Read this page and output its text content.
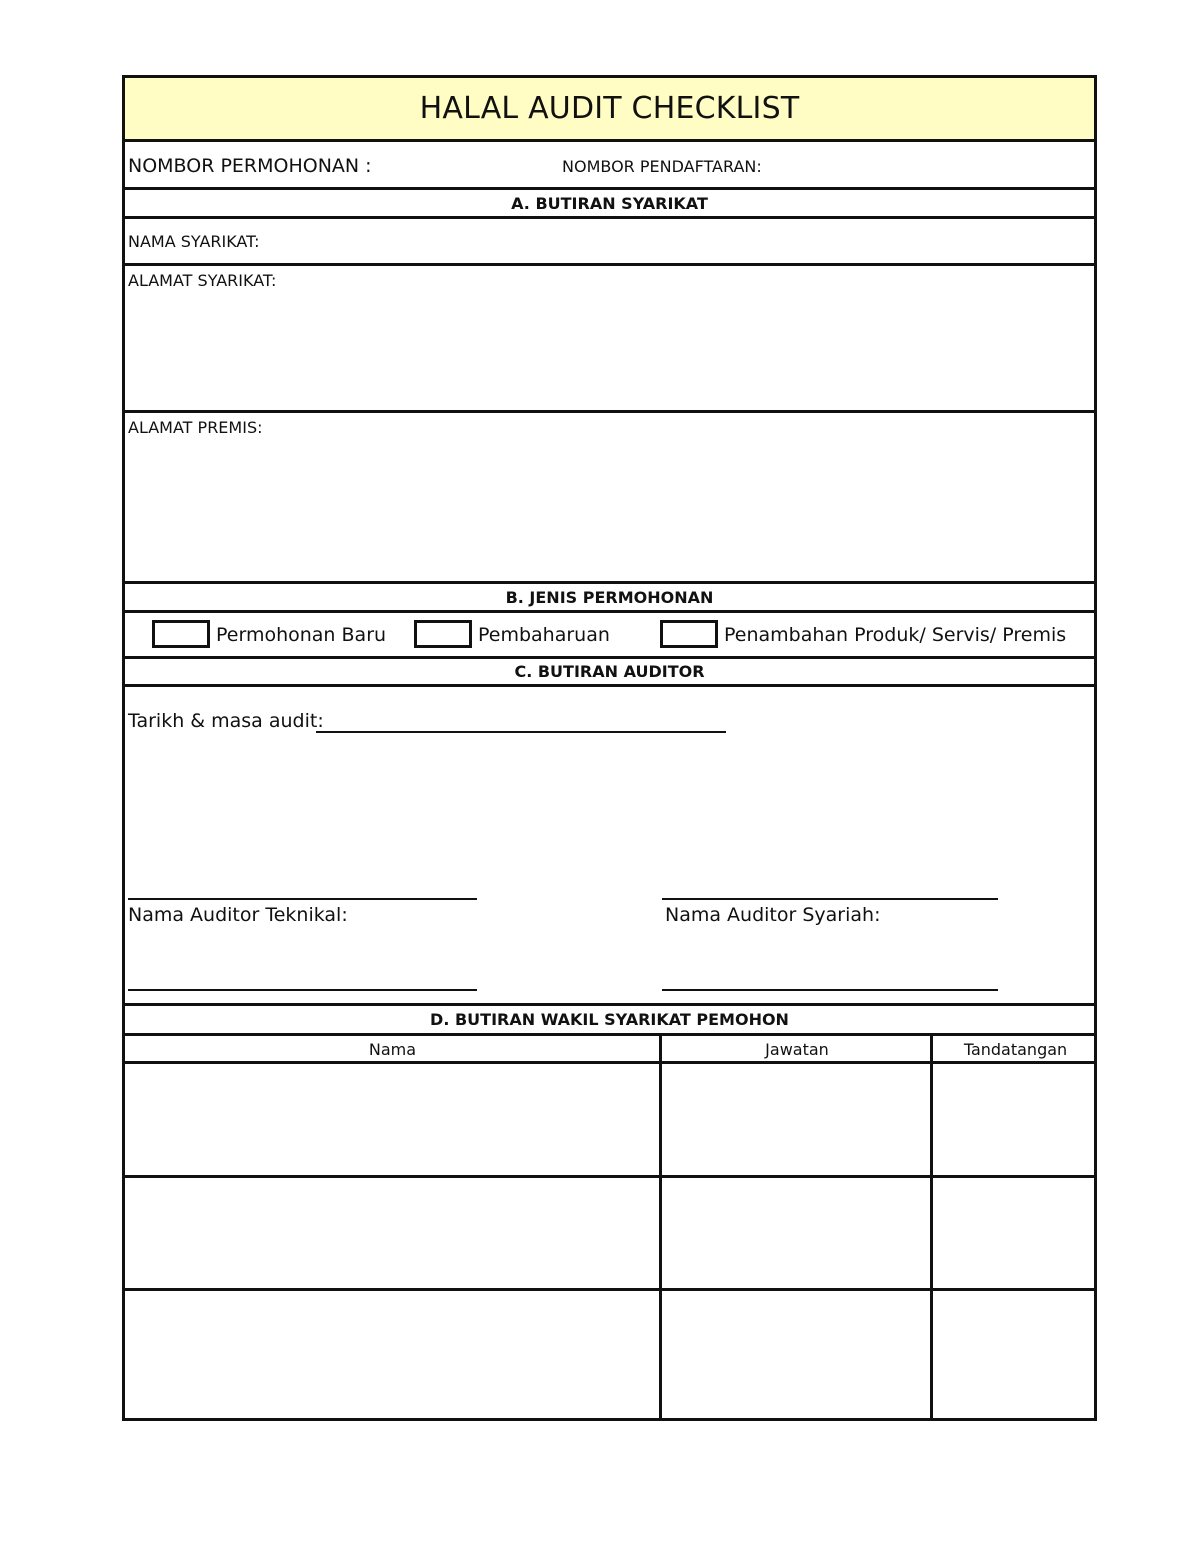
HALAL AUDIT CHECKLIST
NOMBOR PERMOHONAN :	NOMBOR PENDAFTARAN:
A. BUTIRAN SYARIKAT
NAMA SYARIKAT:
ALAMAT SYARIKAT:
ALAMAT PREMIS:
B. JENIS PERMOHONAN
Permohonan Baru	Pembaharuan	Penambahan Produk/ Servis/ Premis
C. BUTIRAN AUDITOR
Tarikh & masa audit:
Nama Auditor Teknikal:	Nama Auditor Syariah:
D. BUTIRAN WAKIL SYARIKAT PEMOHON
Nama	Jawatan	Tandatangan
